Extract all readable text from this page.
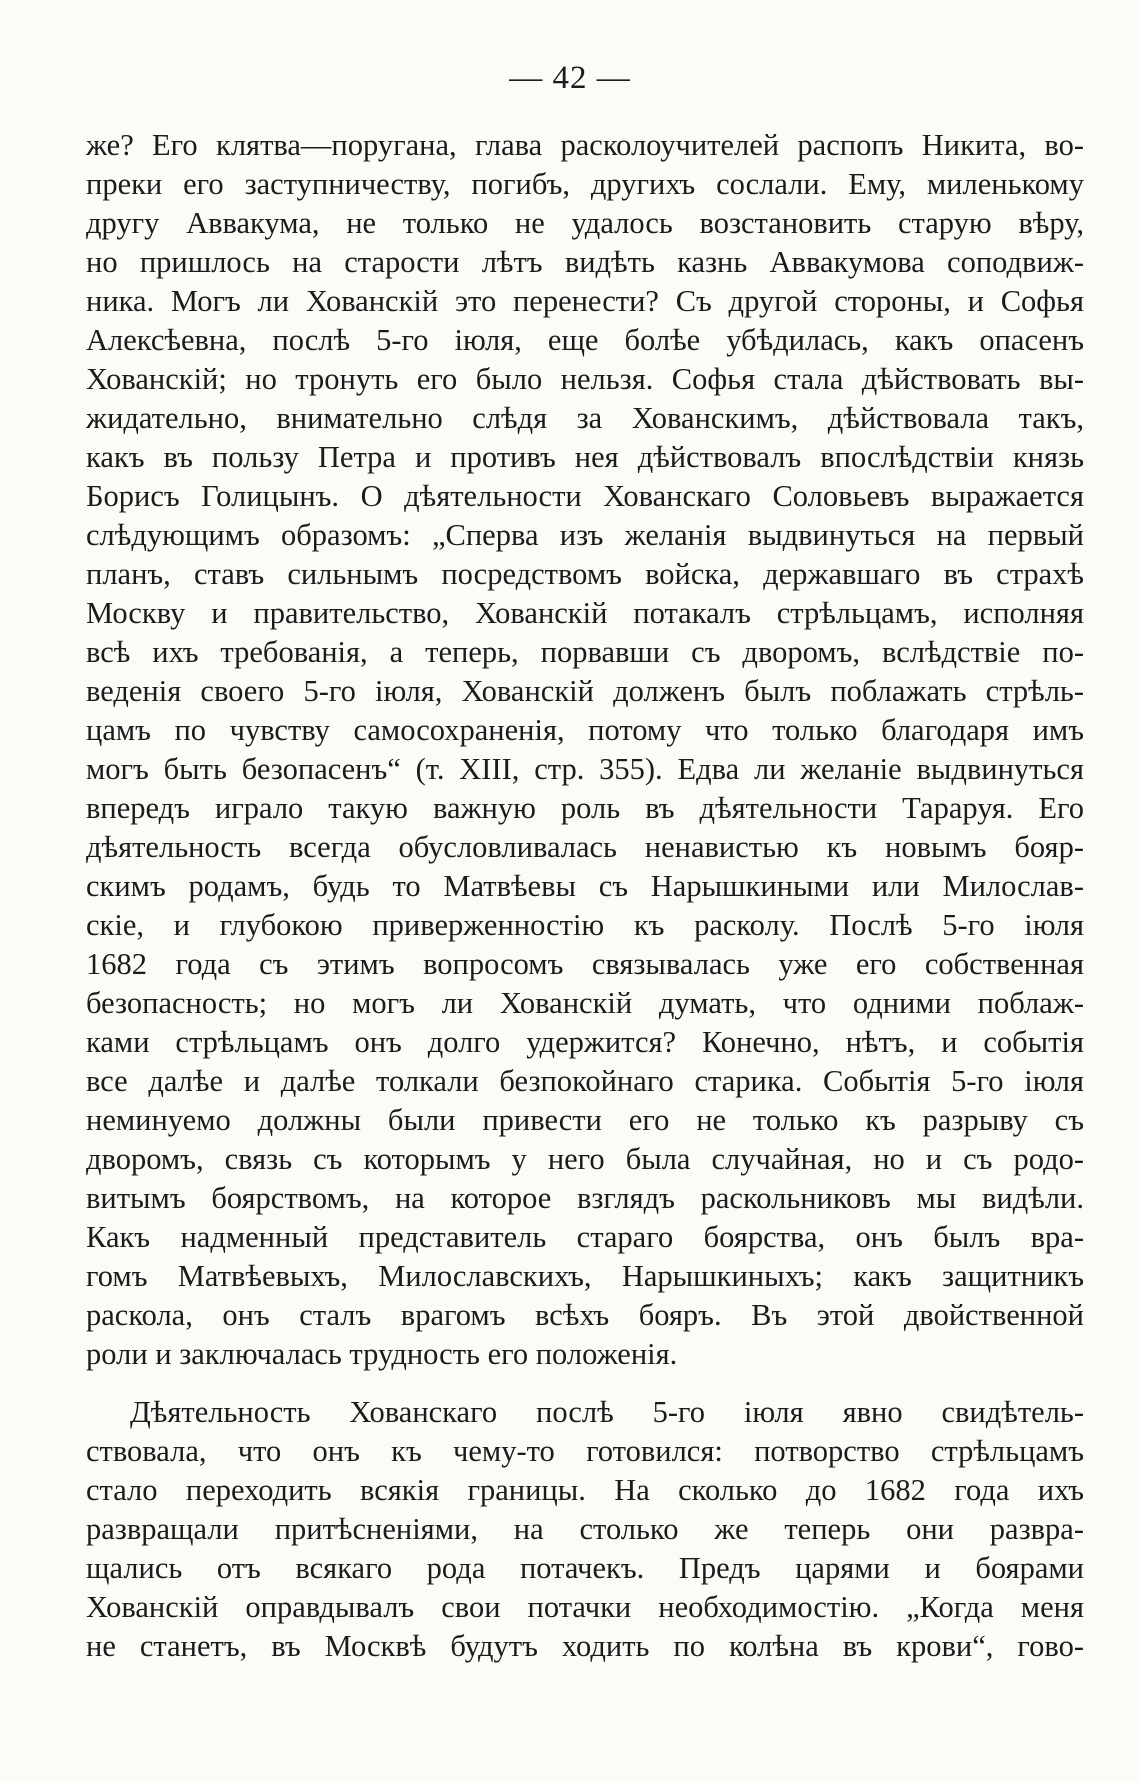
— 42 —
же? Его клятва—поругана, глава расколоучителей распопъ Никита, во-
преки его заступничеству, погибъ, другихъ сослали. Ему, миленькому
другу Аввакума, не только не удалось возстановить старую вѣру,
но пришлось на старости лѣтъ видѣть казнь Аввакумова соподвиж-
ника. Могъ ли Хованскій это перенести? Съ другой стороны, и Софья
Алексѣевна, послѣ 5-го іюля, еще болѣе убѣдилась, какъ опасенъ
Хованскій; но тронуть его было нельзя. Софья стала дѣйствовать вы-
жидательно, внимательно слѣдя за Хованскимъ, дѣйствовала такъ,
какъ въ пользу Петра и противъ нея дѣйствовалъ впослѣдствіи князь
Борисъ Голицынъ. О дѣятельности Хованскаго Соловьевъ выражается
слѣдующимъ образомъ: „Сперва изъ желанія выдвинуться на первый
планъ, ставъ сильнымъ посредствомъ войска, державшаго въ страхѣ
Москву и правительство, Хованскій потакалъ стрѣльцамъ, исполняя
всѣ ихъ требованія, а теперь, порвавши съ дворомъ, вслѣдствіе по-
веденія своего 5-го іюля, Хованскій долженъ былъ поблажать стрѣль-
цамъ по чувству самосохраненія, потому что только благодаря имъ
могъ быть безопасенъ“ (т. XIII, стр. 355). Едва ли желаніе выдвинуться
впередъ играло такую важную роль въ дѣятельности Тараруя. Его
дѣятельность всегда обусловливалась ненавистью къ новымъ бояр-
скимъ родамъ, будь то Матвѣевы съ Нарышкиными или Милослав-
скіе, и глубокою приверженностію къ расколу. Послѣ 5-го іюля
1682 года съ этимъ вопросомъ связывалась уже его собственная
безопасность; но могъ ли Хованскій думать, что одними поблаж-
ками стрѣльцамъ онъ долго удержится? Конечно, нѣтъ, и событія
все далѣе и далѣе толкали безпокойнаго старика. Событія 5-го іюля
неминуемо должны были привести его не только къ разрыву съ
дворомъ, связь съ которымъ у него была случайная, но и съ родо-
витымъ боярствомъ, на которое взглядъ раскольниковъ мы видѣли.
Какъ надменный представитель стараго боярства, онъ былъ вра-
гомъ Матвѣевыхъ, Милославскихъ, Нарышкиныхъ; какъ защитникъ
раскола, онъ сталъ врагомъ всѣхъ бояръ. Въ этой двойственной
роли и заключалась трудность его положенія.
Дѣятельность Хованскаго послѣ 5-го іюля явно свидѣтель-
ствовала, что онъ къ чему-то готовился: потворство стрѣльцамъ
стало переходить всякія границы. На сколько до 1682 года ихъ
развращали притѣсненіями, на столько же теперь они развра-
щались отъ всякаго рода потачекъ. Предъ царями и боярами
Хованскій оправдывалъ свои потачки необходимостію. „Когда меня
не станетъ, въ Москвѣ будутъ ходить по колѣна въ крови“, гово-
